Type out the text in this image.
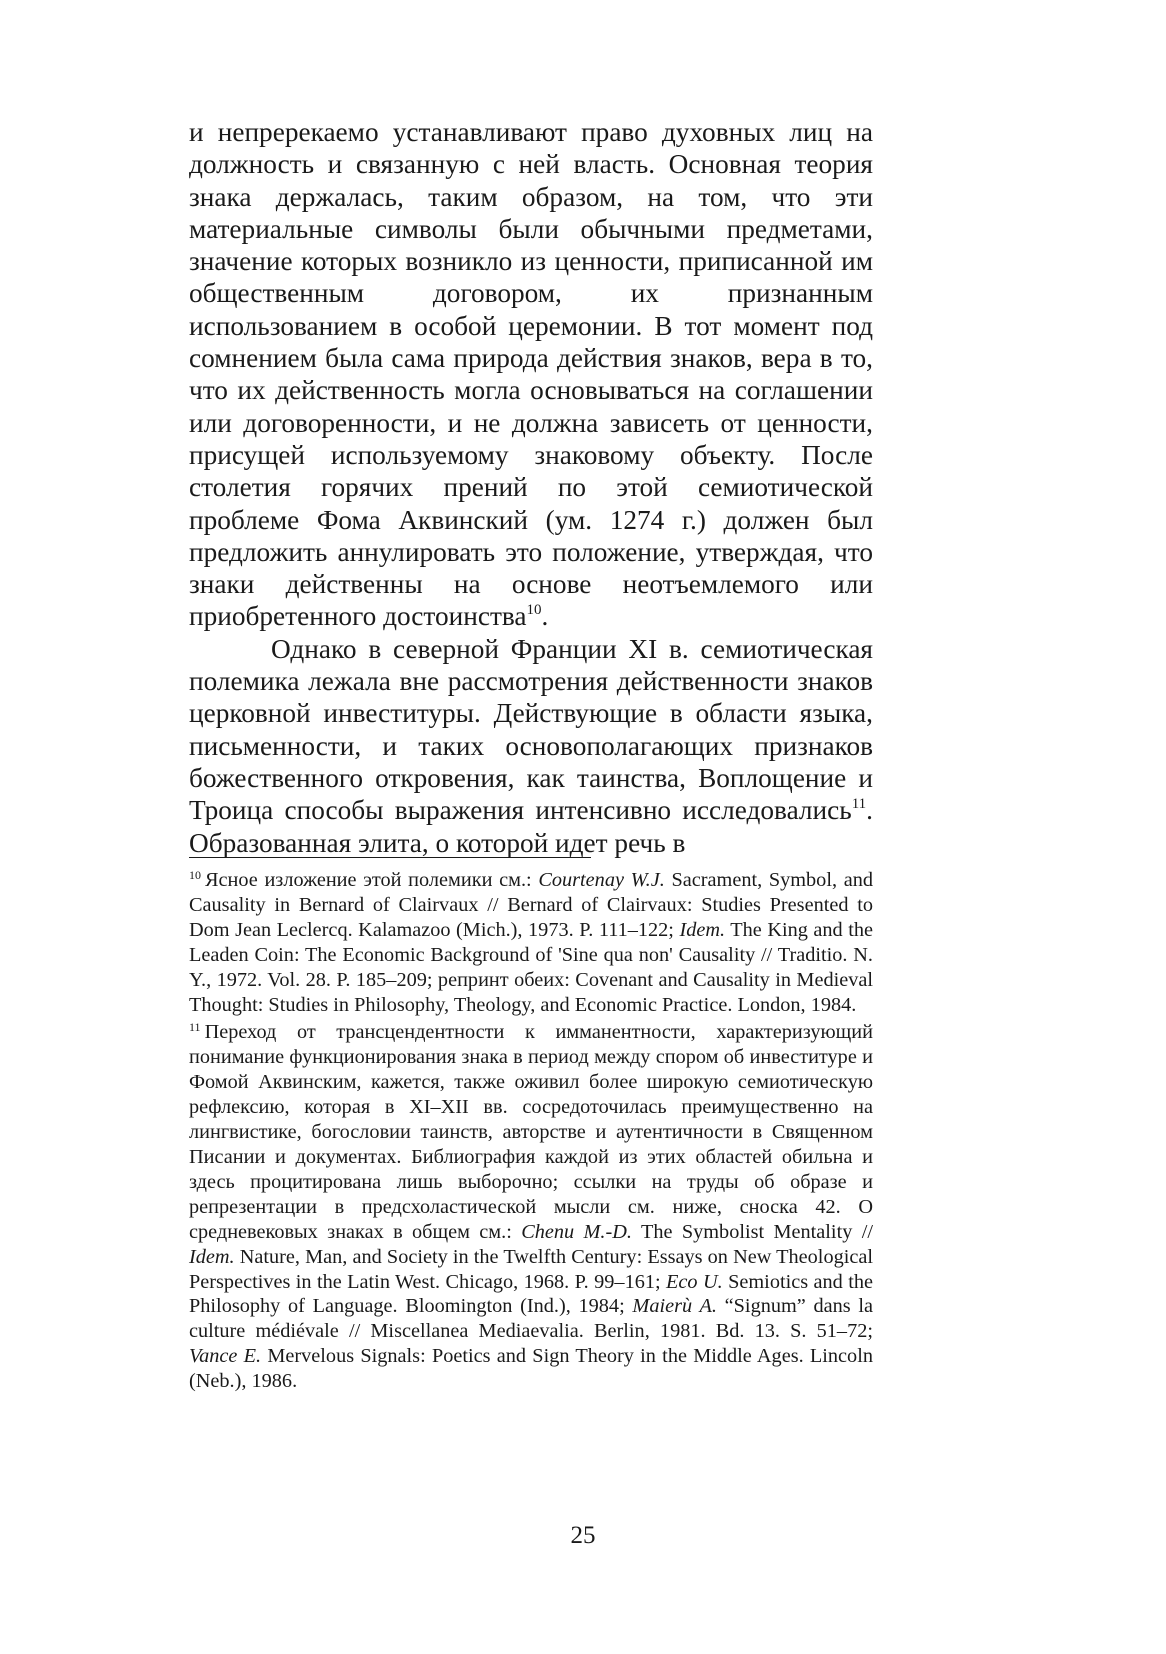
и непререкаемо устанавливают право духовных лиц на должность и связанную с ней власть. Основная теория знака держалась, таким образом, на том, что эти материальные символы были обычными предметами, значение которых возникло из ценности, приписанной им общественным договором, их признанным использованием в особой церемонии. В тот момент под сомнением была сама природа действия знаков, вера в то, что их действенность могла основываться на соглашении или договоренности, и не должна зависеть от ценности, присущей используемому знаковому объекту. После столетия горячих прений по этой семиотической проблеме Фома Аквинский (ум. 1274 г.) должен был предложить аннулировать это положение, утверждая, что знаки действенны на основе неотъемлемого или приобретенного достоинства$^{10}$.

Однако в северной Франции XI в. семиотическая полемика лежала вне рассмотрения действенности знаков церковной инвеституры. Действующие в области языка, письменности, и таких основополагающих признаков божественного откровения, как таинства, Воплощение и Троица способы выражения интенсивно исследовались$^{11}$. Образованная элита, о которой идет речь в

$^{10}$ Ясное изложение этой полемики см.: Courtenay W.J. Sacrament, Symbol, and Causality in Bernard of Clairvaux // Bernard of Clairvaux: Studies Presented to Dom Jean Leclercq. Kalamazoo (Mich.), 1973. P. 111–122; Idem. The King and the Leaden Coin: The Economic Background of 'Sine qua non' Causality // Traditio. N. Y., 1972. Vol. 28. P. 185–209; репринт обеих: Covenant and Causality in Medieval Thought: Studies in Philosophy, Theology, and Economic Practice. London, 1984.

$^{11}$ Переход от трансцендентности к имманентности, характеризующий понимание функционирования знака в период между спором об инвеституре и Фомой Аквинским, кажется, также оживил более широкую семиотическую рефлексию, которая в XI–XII вв. сосредоточилась преимущественно на лингвистике, богословии таинств, авторстве и аутентичности в Священном Писании и документах. Библиография каждой из этих областей обильна и здесь процитирована лишь выборочно; ссылки на труды об образе и репрезентации в предсхоластической мысли см. ниже, сноска 42. О средневековых знаках в общем см.: Chenu M.-D. The Symbolist Mentality // Idem. Nature, Man, and Society in the Twelfth Century: Essays on New Theological Perspectives in the Latin West. Chicago, 1968. P. 99–161; Eco U. Semiotics and the Philosophy of Language. Bloomington (Ind.), 1984; Maierù A. “Signum” dans la culture médiévale // Miscellanea Mediaevalia. Berlin, 1981. Bd. 13. S. 51–72; Vance E. Mervelous Signals: Poetics and Sign Theory in the Middle Ages. Lincoln (Neb.), 1986.

25
